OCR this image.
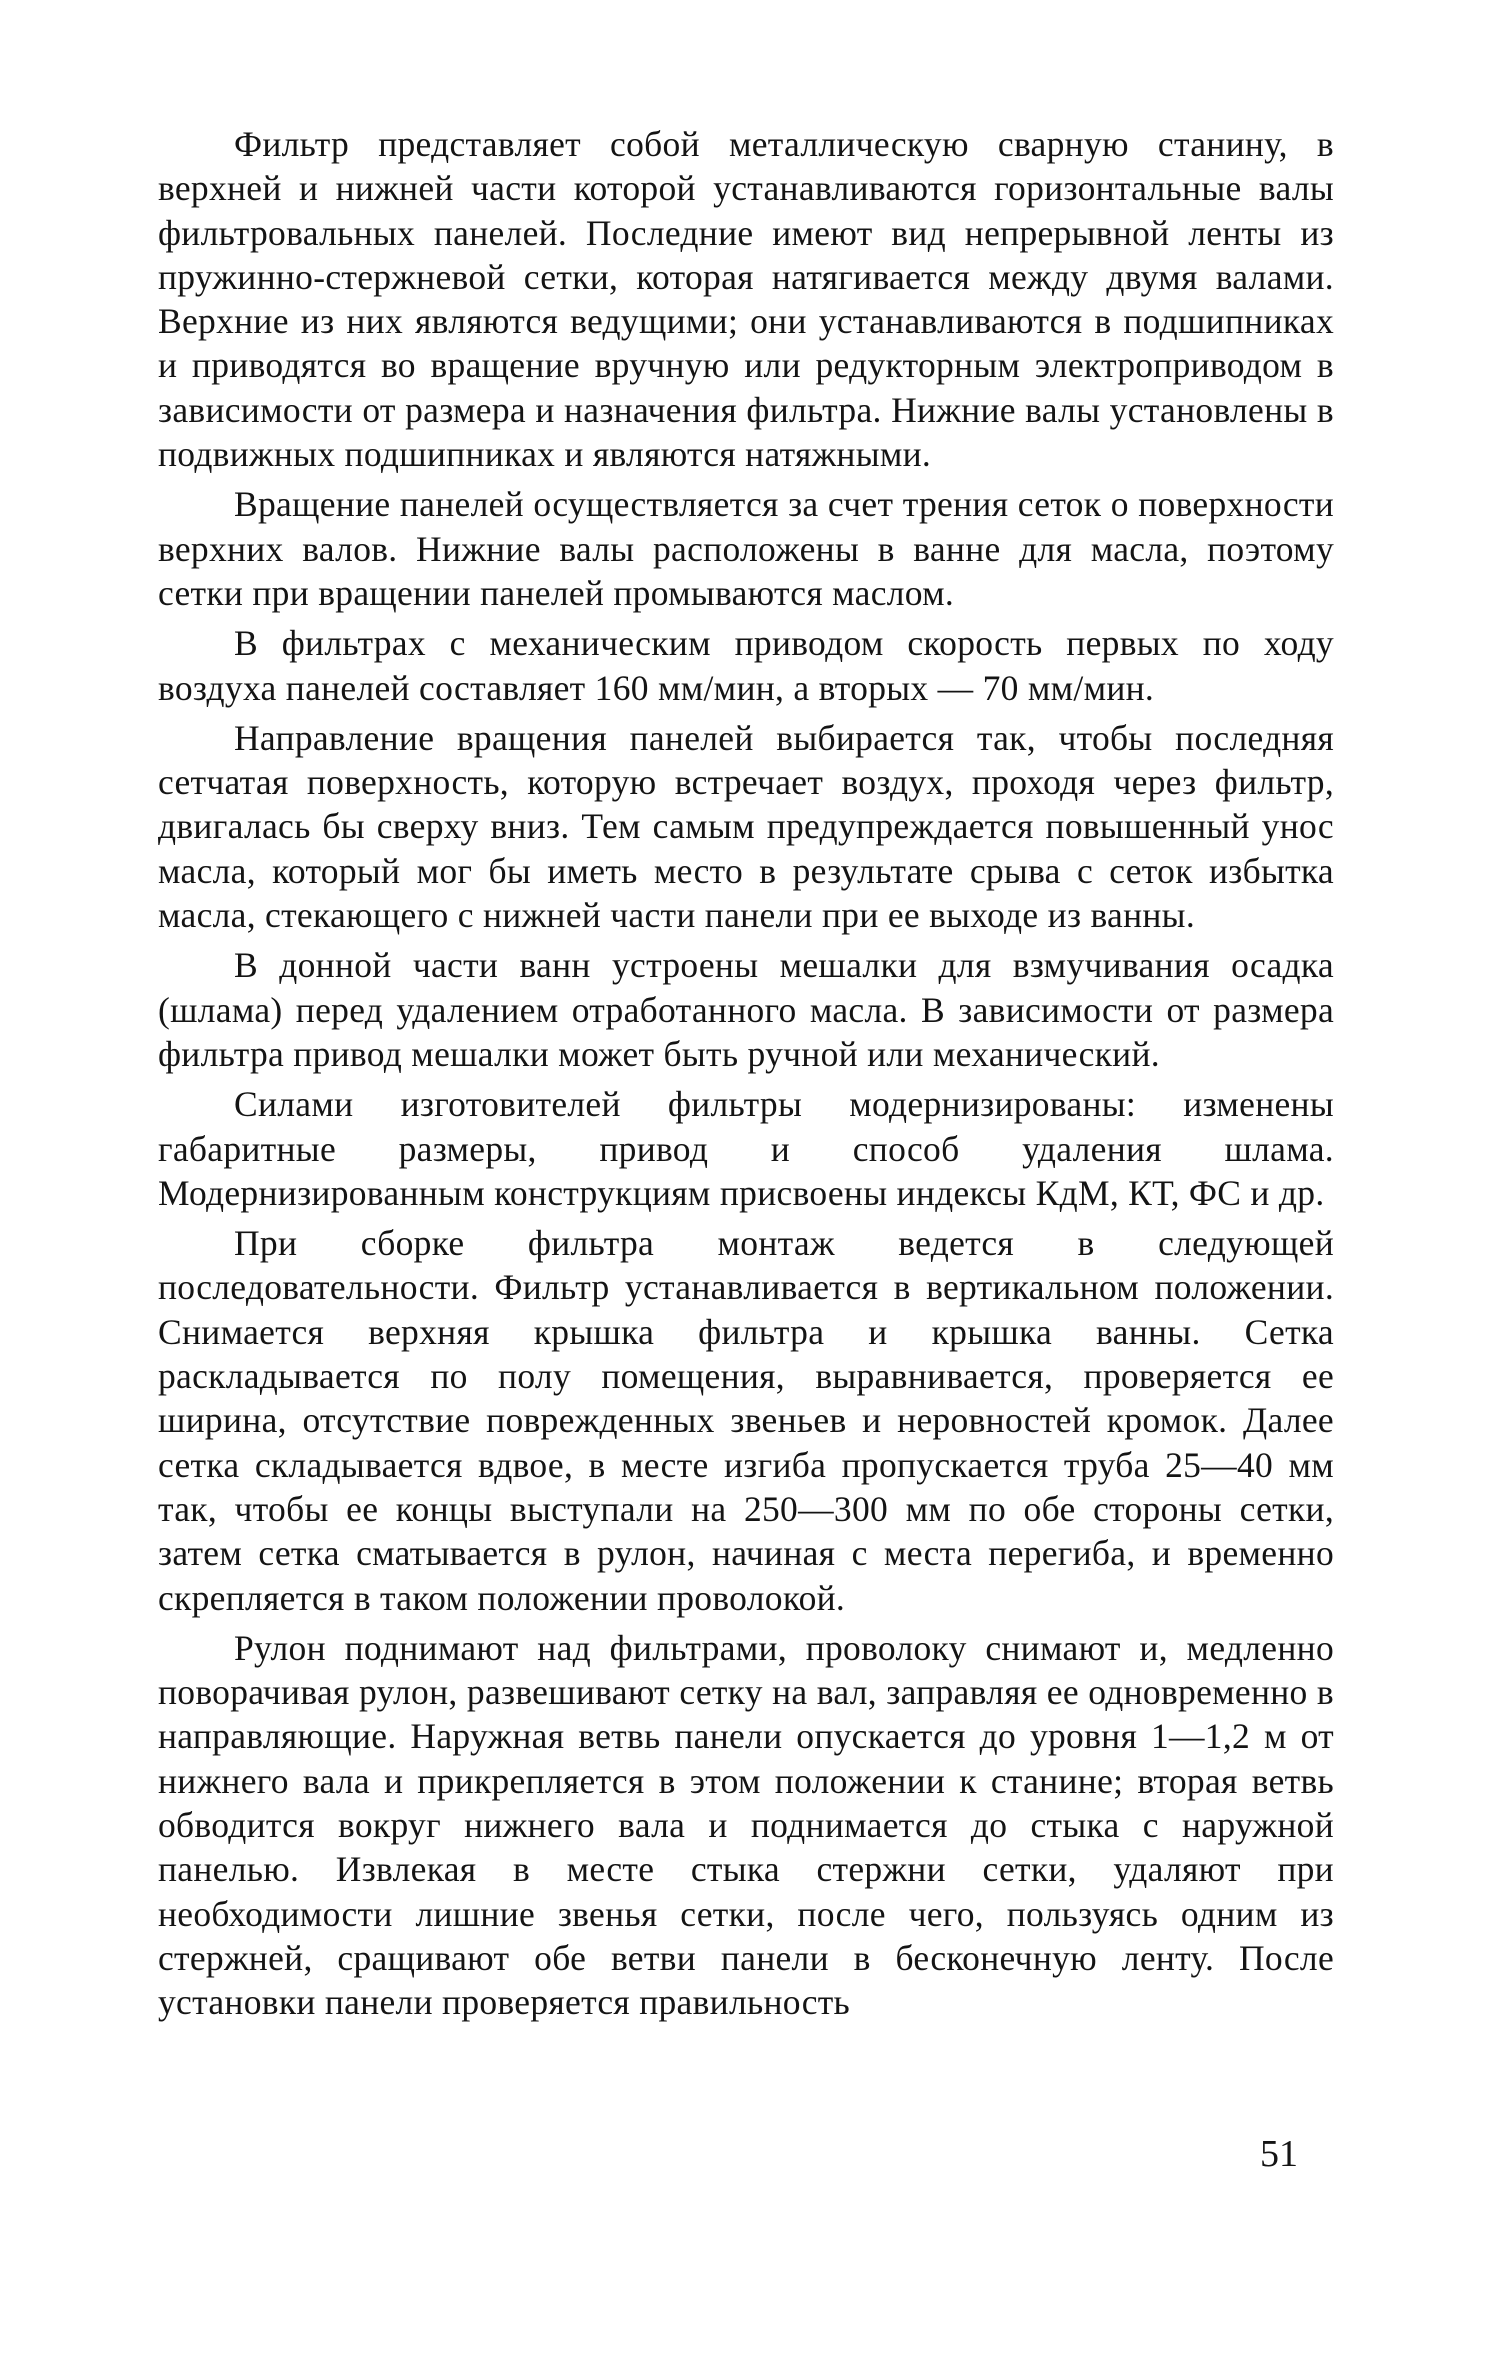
Фильтр представляет собой металлическую сварную станину, в верхней и нижней части которой устанавливаются горизонтальные валы фильтровальных панелей. Последние имеют вид непрерывной ленты из пружинно-стержневой сетки, которая натягивается между двумя валами. Верхние из них являются ведущими; они устанавливаются в подшипниках и приводятся во вращение вручную или редукторным электроприводом в зависимости от размера и назначения фильтра. Нижние валы установлены в подвижных подшипниках и являются натяжными.

Вращение панелей осуществляется за счет трения сеток о поверхности верхних валов. Нижние валы расположены в ванне для масла, поэтому сетки при вращении панелей промываются маслом.

В фильтрах с механическим приводом скорость первых по ходу воздуха панелей составляет 160 мм/мин, а вторых — 70 мм/мин.

Направление вращения панелей выбирается так, чтобы последняя сетчатая поверхность, которую встречает воздух, проходя через фильтр, двигалась бы сверху вниз. Тем самым предупреждается повышенный унос масла, который мог бы иметь место в результате срыва с сеток избытка масла, стекающего с нижней части панели при ее выходе из ванны.

В донной части ванн устроены мешалки для взмучивания осадка (шлама) перед удалением отработанного масла. В зависимости от размера фильтра привод мешалки может быть ручной или механический.

Силами изготовителей фильтры модернизированы: изменены габаритные размеры, привод и способ удаления шлама. Модернизированным конструкциям присвоены индексы КдМ, КТ, ФС и др.

При сборке фильтра монтаж ведется в следующей последовательности. Фильтр устанавливается в вертикальном положении. Снимается верхняя крышка фильтра и крышка ванны. Сетка раскладывается по полу помещения, выравнивается, проверяется ее ширина, отсутствие поврежденных звеньев и неровностей кромок. Далее сетка складывается вдвое, в месте изгиба пропускается труба 25—40 мм так, чтобы ее концы выступали на 250—300 мм по обе стороны сетки, затем сетка сматывается в рулон, начиная с места перегиба, и временно скрепляется в таком положении проволокой.

Рулон поднимают над фильтрами, проволоку снимают и, медленно поворачивая рулон, развешивают сетку на вал, заправляя ее одновременно в направляющие. Наружная ветвь панели опускается до уровня 1—1,2 м от нижнего вала и прикрепляется в этом положении к станине; вторая ветвь обводится вокруг нижнего вала и поднимается до стыка с наружной панелью. Извлекая в месте стыка стержни сетки, удаляют при необходимости лишние звенья сетки, после чего, пользуясь одним из стержней, сращивают обе ветви панели в бесконечную ленту. После установки панели проверяется правильность

51
